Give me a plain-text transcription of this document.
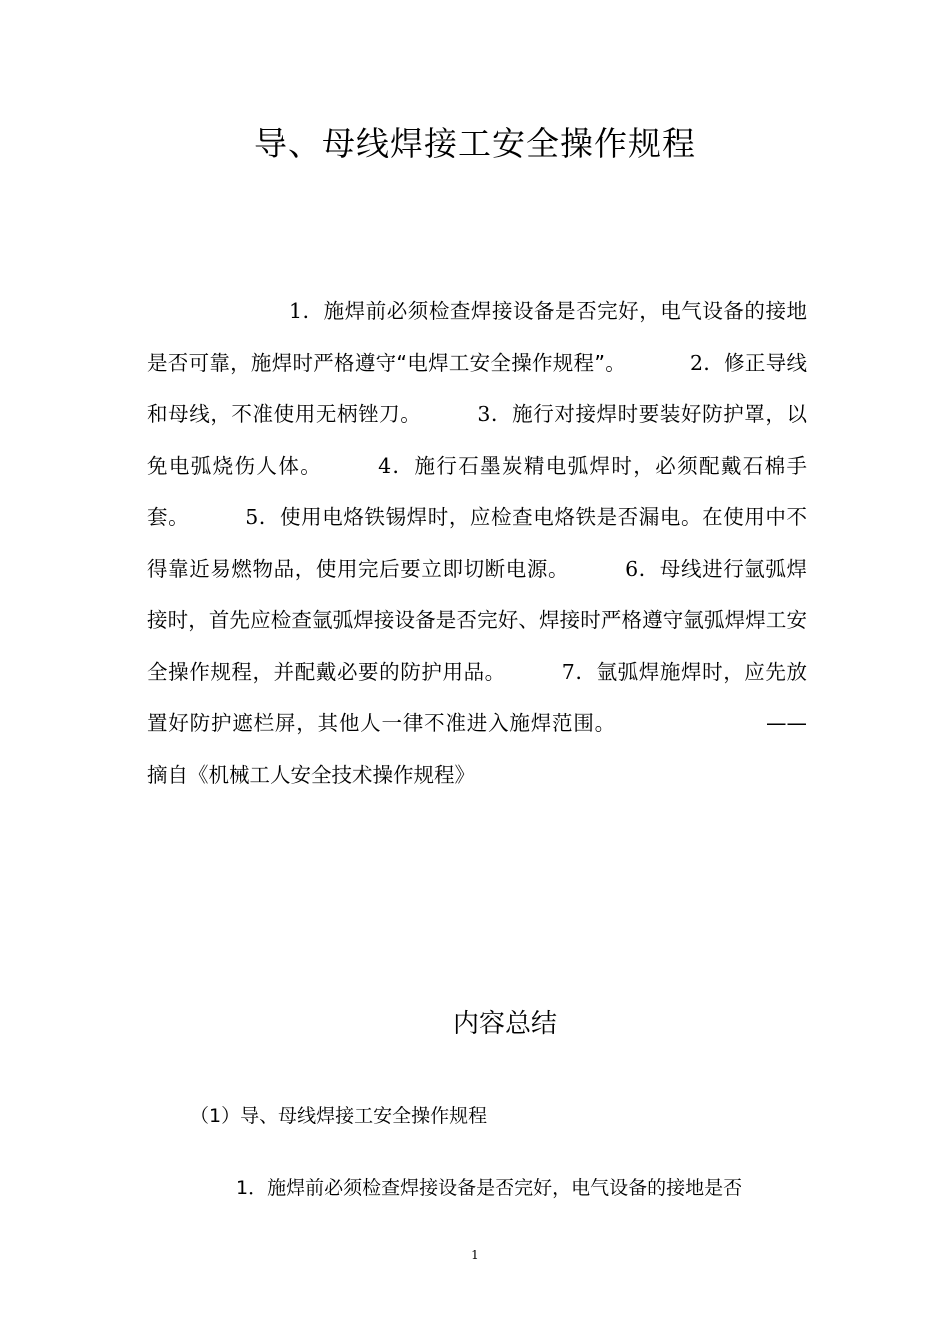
导、母线焊接工安全操作规程

1．施焊前必须检查焊接设备是否完好，电气设备的接地是否可靠，施焊时严格遵守“电焊工安全操作规程”。	2．修正导线和母线，不准使用无柄锉刀。	3．施行对接焊时要装好防护罩，以免电弧烧伤人体。	4．施行石墨炭精电弧焊时，必须配戴石棉手套。	5．使用电烙铁锡焊时，应检查电烙铁是否漏电。在使用中不得靠近易燃物品，使用完后要立即切断电源。	6．母线进行氩弧焊接时，首先应检查氩弧焊接设备是否完好、焊接时严格遵守氩弧焊焊工安全操作规程，并配戴必要的防护用品。	7．氩弧焊施焊时，应先放置好防护遮栏屏，其他人一律不准进入施焊范围。	——摘自《机械工人安全技术操作规程》

内容总结

（1）导、母线焊接工安全操作规程

1．施焊前必须检查焊接设备是否完好，电气设备的接地是否

1
